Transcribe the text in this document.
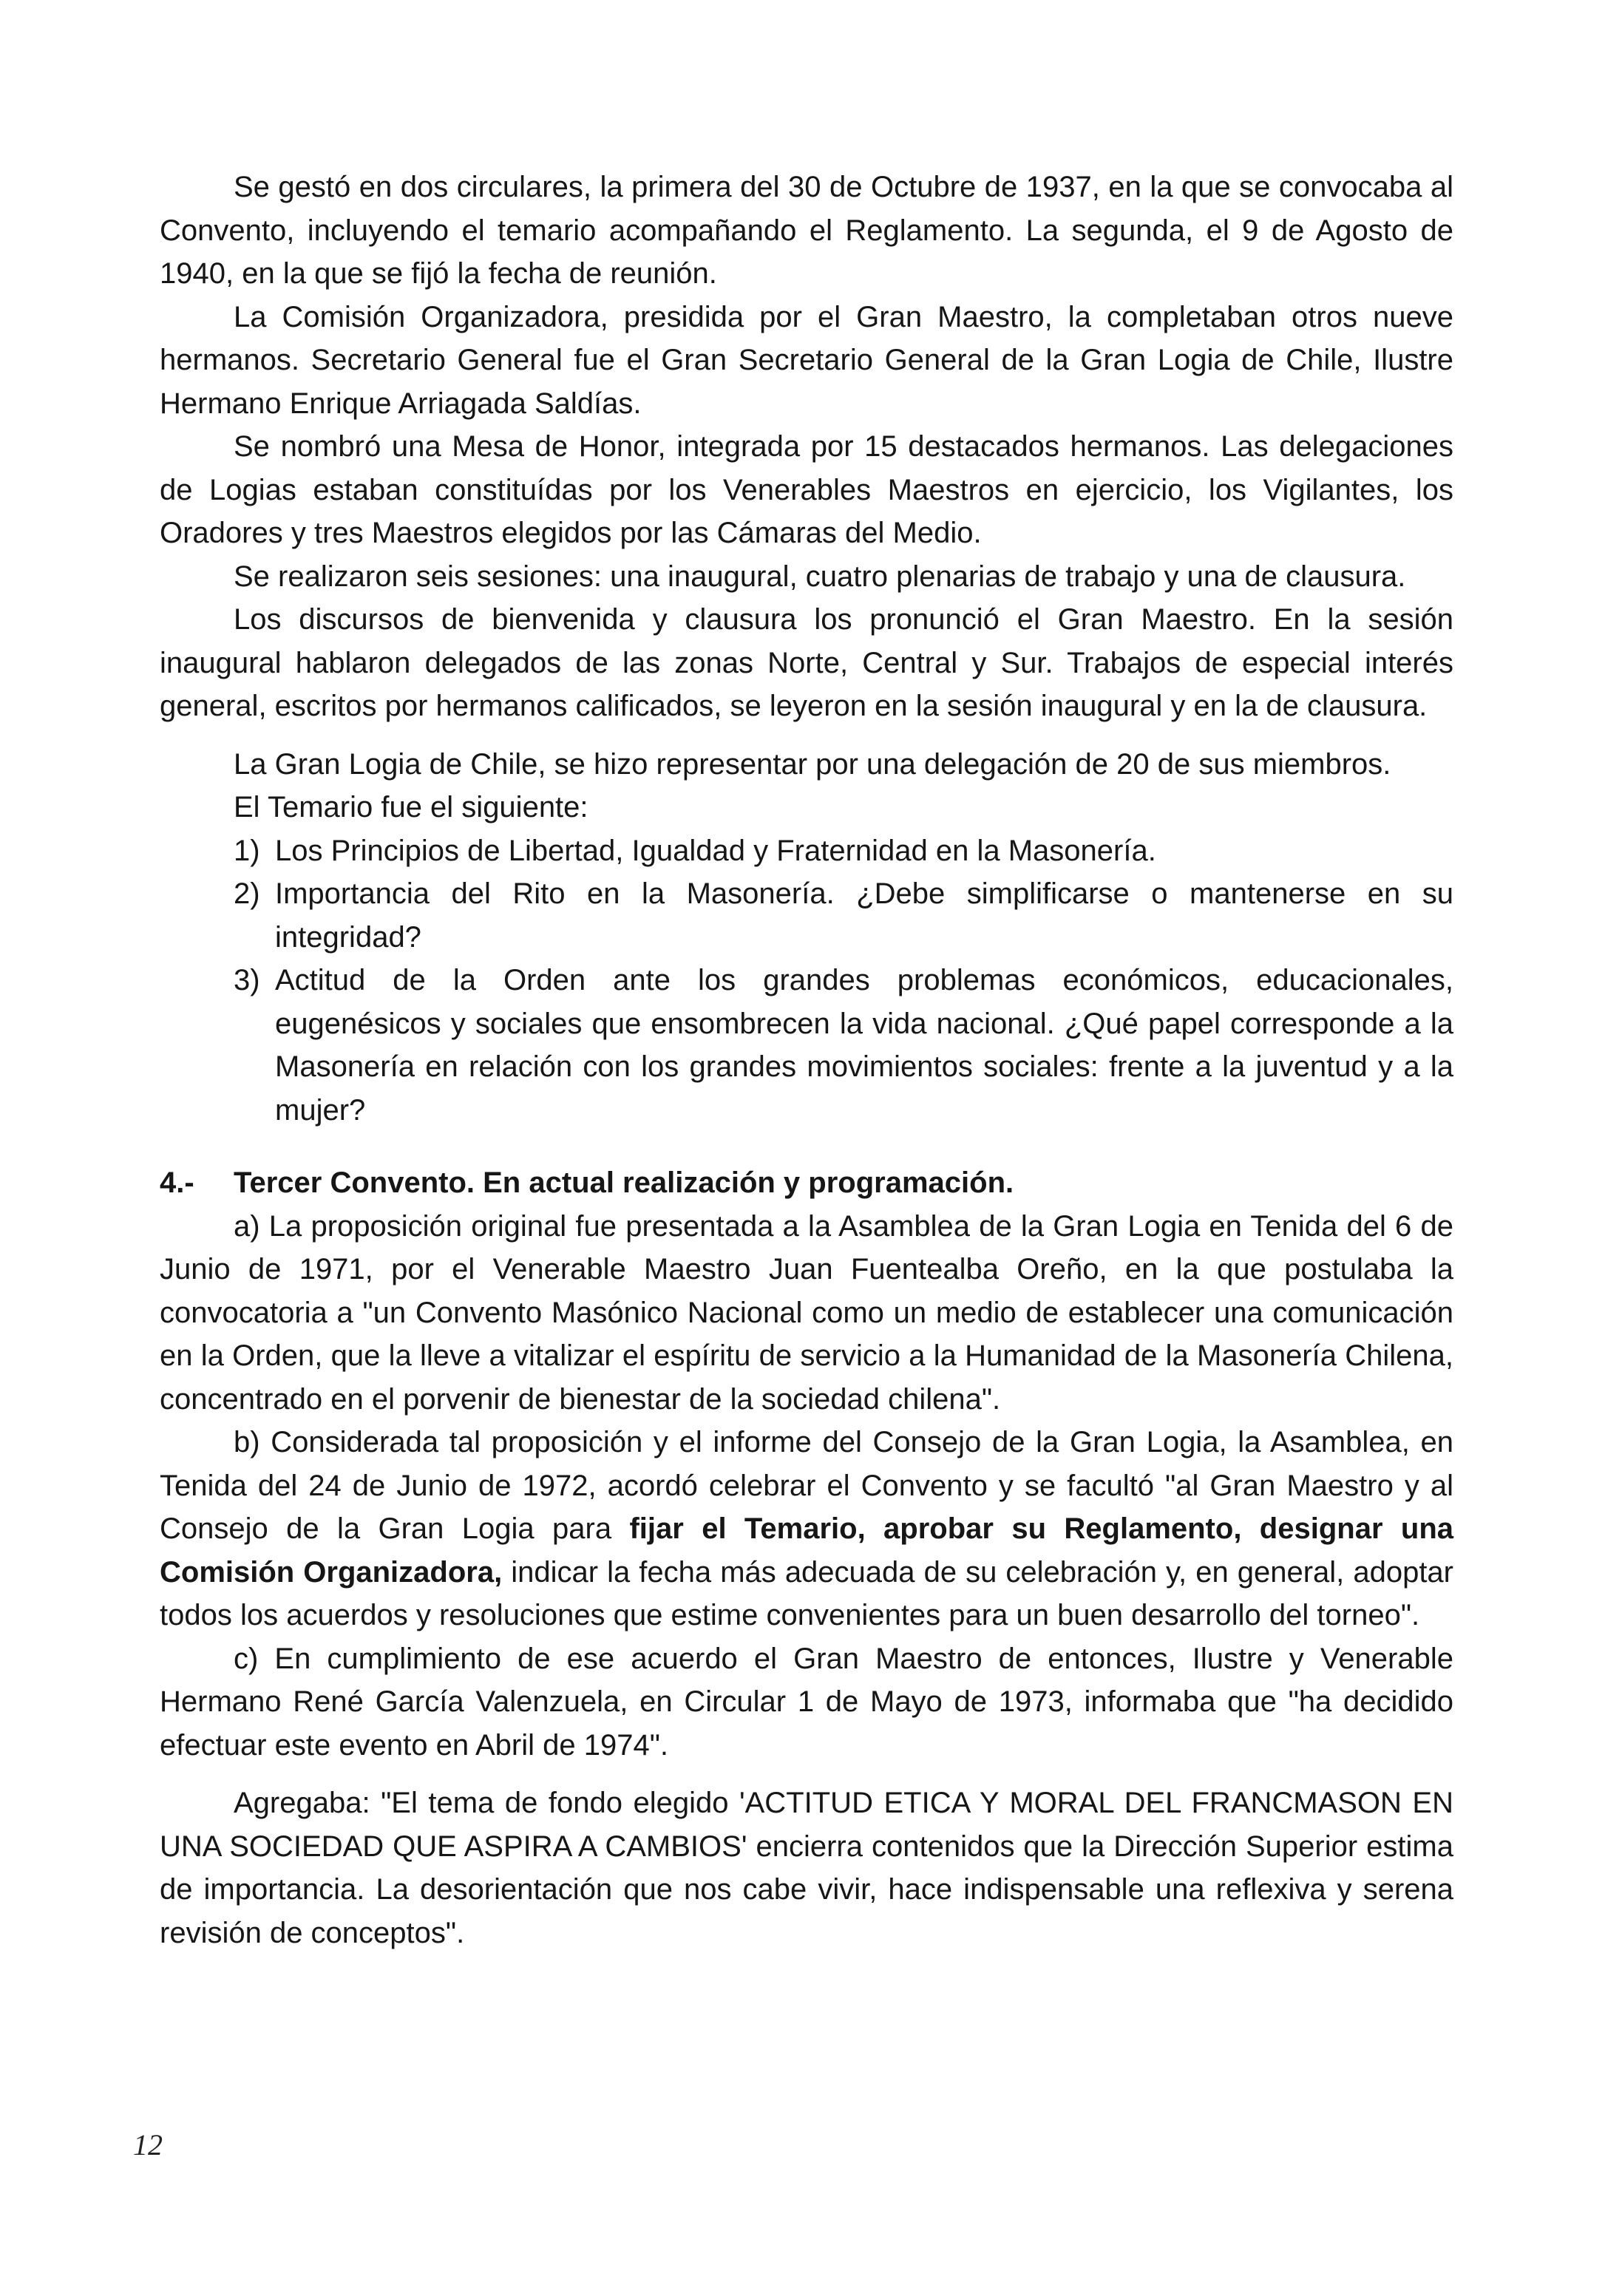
Se gestó en dos circulares, la primera del 30 de Octubre de 1937, en la que se convocaba al Convento, incluyendo el temario acompañando el Reglamento. La segunda, el 9 de Agosto de 1940, en la que se fijó la fecha de reunión.

La Comisión Organizadora, presidida por el Gran Maestro, la completaban otros nueve hermanos. Secretario General fue el Gran Secretario General de la Gran Logia de Chile, Ilustre Hermano Enrique Arriagada Saldías.

Se nombró una Mesa de Honor, integrada por 15 destacados hermanos. Las delegaciones de Logias estaban constituídas por los Venerables Maestros en ejercicio, los Vigilantes, los Oradores y tres Maestros elegidos por las Cámaras del Medio.

Se realizaron seis sesiones: una inaugural, cuatro plenarias de trabajo y una de clausura.

Los discursos de bienvenida y clausura los pronunció el Gran Maestro. En la sesión inaugural hablaron delegados de las zonas Norte, Central y Sur. Trabajos de especial interés general, escritos por hermanos calificados, se leyeron en la sesión inaugural y en la de clausura.

La Gran Logia de Chile, se hizo representar por una delegación de 20 de sus miembros.

El Temario fue el siguiente:

1) Los Principios de Libertad, Igualdad y Fraternidad en la Masonería.
2) Importancia del Rito en la Masonería. ¿Debe simplificarse o mantenerse en su integridad?
3) Actitud de la Orden ante los grandes problemas económicos, educacionales, eugenésicos y sociales que ensombrecen la vida nacional. ¿Qué papel corresponde a la Masonería en relación con los grandes movimientos sociales: frente a la juventud y a la mujer?
4.-	Tercer Convento. En actual realización y programación.

a) La proposición original fue presentada a la Asamblea de la Gran Logia en Tenida del 6 de Junio de 1971, por el Venerable Maestro Juan Fuentealba Oreño, en la que postulaba la convocatoria a "un Convento Masónico Nacional como un medio de establecer una comunicación en la Orden, que la lleve a vitalizar el espíritu de servicio a la Humanidad de la Masonería Chilena, concentrado en el porvenir de bienestar de la sociedad chilena".

b) Considerada tal proposición y el informe del Consejo de la Gran Logia, la Asamblea, en Tenida del 24 de Junio de 1972, acordó celebrar el Convento y se facultó "al Gran Maestro y al Consejo de la Gran Logia para fijar el Temario, aprobar su Reglamento, designar una Comisión Organizadora, indicar la fecha más adecuada de su celebración y, en general, adoptar todos los acuerdos y resoluciones que estime convenientes para un buen desarrollo del torneo".

c) En cumplimiento de ese acuerdo el Gran Maestro de entonces, Ilustre y Venerable Hermano René García Valenzuela, en Circular 1 de Mayo de 1973, informaba que "ha decidido efectuar este evento en Abril de 1974".

Agregaba: "El tema de fondo elegido 'ACTITUD ETICA Y MORAL DEL FRANCMASON EN UNA SOCIEDAD QUE ASPIRA A CAMBIOS' encierra contenidos que la Dirección Superior estima de importancia. La desorientación que nos cabe vivir, hace indispensable una reflexiva y serena revisión de conceptos".

12
